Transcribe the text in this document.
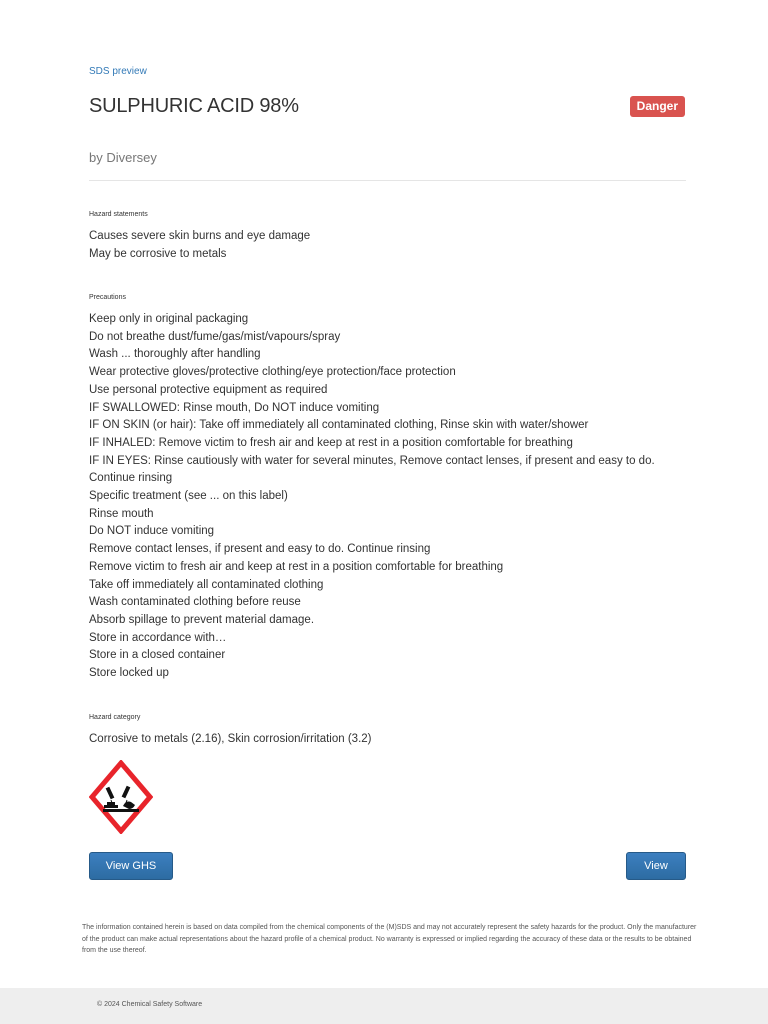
SDS preview
SULPHURIC ACID 98%	Danger
by Diversey
Hazard statements
Causes severe skin burns and eye damage
May be corrosive to metals
Precautions
Keep only in original packaging
Do not breathe dust/fume/gas/mist/vapours/spray
Wash ... thoroughly after handling
Wear protective gloves/protective clothing/eye protection/face protection
Use personal protective equipment as required
IF SWALLOWED: Rinse mouth, Do NOT induce vomiting
IF ON SKIN (or hair): Take off immediately all contaminated clothing, Rinse skin with water/shower
IF INHALED: Remove victim to fresh air and keep at rest in a position comfortable for breathing
IF IN EYES: Rinse cautiously with water for several minutes, Remove contact lenses, if present and easy to do. Continue rinsing
Specific treatment (see ... on this label)
Rinse mouth
Do NOT induce vomiting
Remove contact lenses, if present and easy to do. Continue rinsing
Remove victim to fresh air and keep at rest in a position comfortable for breathing
Take off immediately all contaminated clothing
Wash contaminated clothing before reuse
Absorb spillage to prevent material damage.
Store in accordance with…
Store in a closed container
Store locked up
Hazard category
Corrosive to metals (2.16), Skin corrosion/irritation (3.2)
View GHS label
View SDS
The information contained herein is based on data compiled from the chemical components of the (M)SDS and may not accurately represent the safety hazards for the product. Only the manufacturer of the product can make actual representations about the hazard profile of a chemical product. No warranty is expressed or implied regarding the accuracy of these data or the results to be obtained from the use thereof.
© 2024 Chemical Safety Software
